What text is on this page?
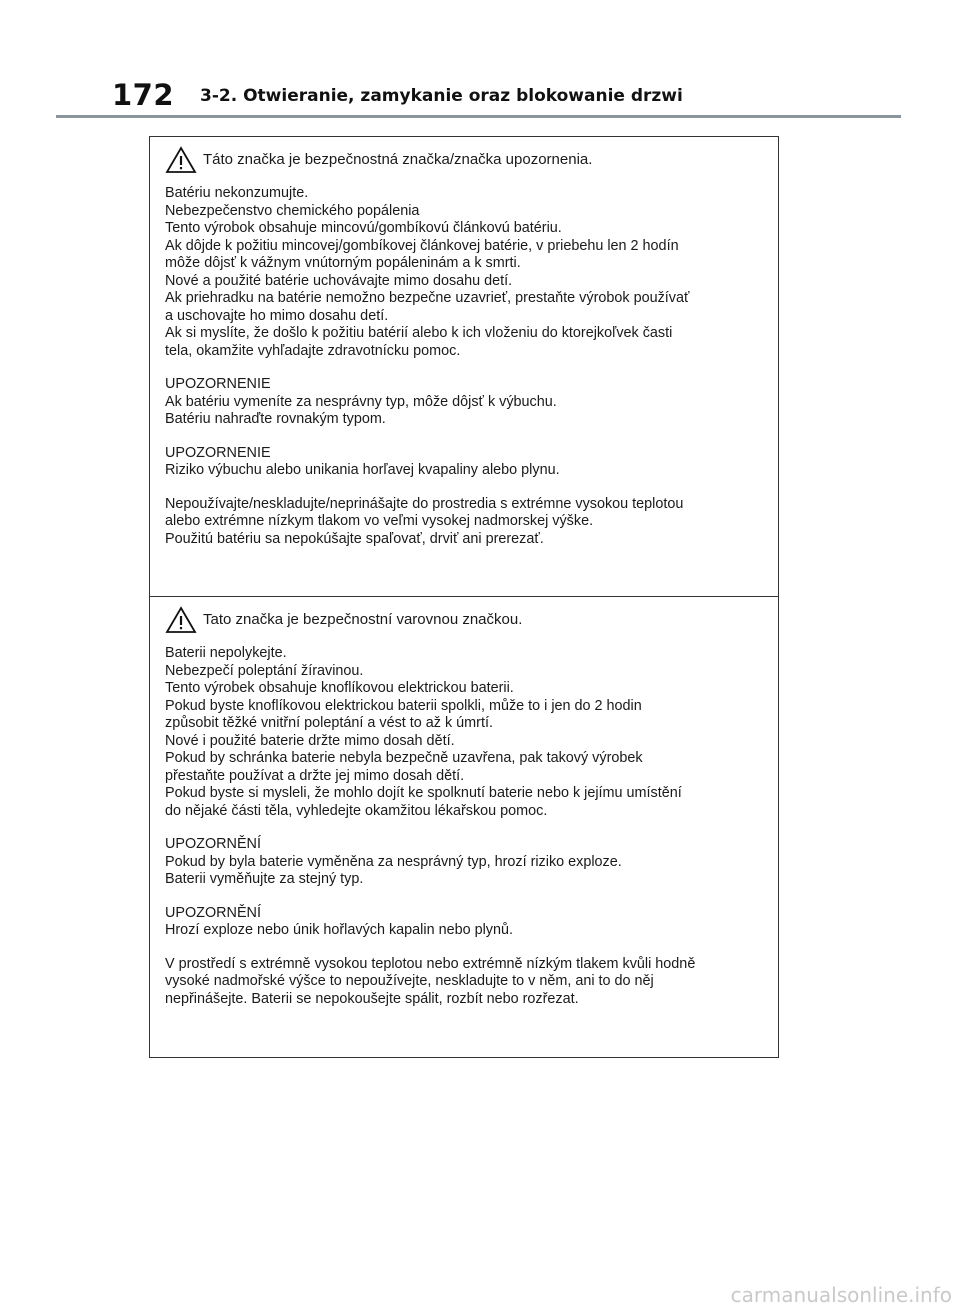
172 3-2. Otwieranie, zamykanie oraz blokowanie drzwi
Táto značka je bezpečnostná značka/značka upozornenia.
Batériu nekonzumujte.
Nebezpečenstvo chemického popálenia
Tento výrobok obsahuje mincovú/gombíkovú článkovú batériu.
Ak dôjde k požitiu mincovej/gombíkovej článkovej batérie, v priebehu len 2 hodín
môže dôjsť k vážnym vnútorným popáleninám a k smrti.
Nové a použité batérie uchovávajte mimo dosahu detí.
Ak priehradku na batérie nemožno bezpečne uzavrieť, prestaňte výrobok používať
a uschovajte ho mimo dosahu detí.
Ak si myslíte, že došlo k požitiu batérií alebo k ich vloženiu do ktorejkoľvek časti
tela, okamžite vyhľadajte zdravotnícku pomoc.
UPOZORNENIE
Ak batériu vymeníte za nesprávny typ, môže dôjsť k výbuchu.
Batériu nahraďte rovnakým typom.
UPOZORNENIE
Riziko výbuchu alebo unikania horľavej kvapaliny alebo plynu.
Nepoužívajte/neskladujte/neprinášajte do prostredia s extrémne vysokou teplotou
alebo extrémne nízkym tlakom vo veľmi vysokej nadmorskej výške.
Použitú batériu sa nepokúšajte spaľovať, drviť ani prerezať.
Tato značka je bezpečnostní varovnou značkou.
Baterii nepolykejte.
Nebezpečí poleptání žíravinou.
Tento výrobek obsahuje knoflíkovou elektrickou baterii.
Pokud byste knoflíkovou elektrickou baterii spolkli, může to i jen do 2 hodin
způsobit těžké vnitřní poleptání a vést to až k úmrtí.
Nové i použité baterie držte mimo dosah dětí.
Pokud by schránka baterie nebyla bezpečně uzavřena, pak takový výrobek
přestaňte používat a držte jej mimo dosah dětí.
Pokud byste si mysleli, že mohlo dojít ke spolknutí baterie nebo k jejímu umístění
do nějaké části těla, vyhledejte okamžitou lékařskou pomoc.
UPOZORNĚNÍ
Pokud by byla baterie vyměněna za nesprávný typ, hrozí riziko exploze.
Baterii vyměňujte za stejný typ.
UPOZORNĚNÍ
Hrozí exploze nebo únik hořlavých kapalin nebo plynů.
V prostředí s extrémně vysokou teplotou nebo extrémně nízkým tlakem kvůli hodně
vysoké nadmořské výšce to nepoužívejte, neskladujte to v něm, ani to do něj
nepřinášejte. Baterii se nepokoušejte spálit, rozbít nebo rozřezat.
carmanualsonline.info
